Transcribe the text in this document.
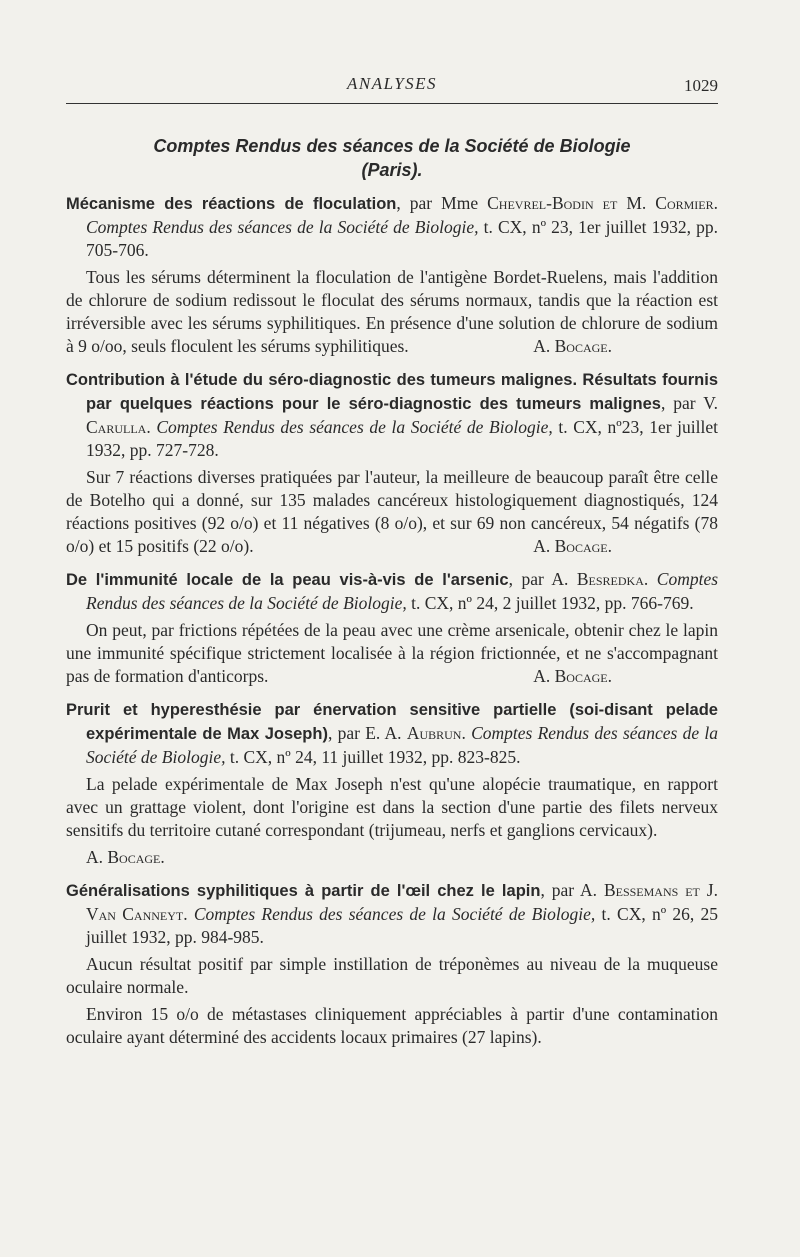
ANALYSES	1029
Comptes Rendus des séances de la Société de Biologie
(Paris).

Mécanisme des réactions de floculation, par Mme Chevrel-Bodin et M. Cormier. Comptes Rendus des séances de la Société de Biologie, t. CX, nº 23, 1er juillet 1932, pp. 705-706.

Tous les sérums déterminent la floculation de l'antigène Bordet-Ruelens, mais l'addition de chlorure de sodium redissout le floculat des sérums normaux, tandis que la réaction est irréversible avec les sérums syphilitiques. En présence d'une solution de chlorure de sodium à 9 o/oo, seuls floculent les sérums syphilitiques.	A. Bocage.

Contribution à l'étude du séro-diagnostic des tumeurs malignes. Résultats fournis par quelques réactions pour le séro-diagnostic des tumeurs malignes, par V. Carulla. Comptes Rendus des séances de la Société de Biologie, t. CX, nº23, 1er juillet 1932, pp. 727-728.

Sur 7 réactions diverses pratiquées par l'auteur, la meilleure de beaucoup paraît être celle de Botelho qui a donné, sur 135 malades cancéreux histologiquement diagnostiqués, 124 réactions positives (92 o/o) et 11 négatives (8 o/o), et sur 69 non cancéreux, 54 négatifs (78 o/o) et 15 positifs (22 o/o).	A. Bocage.

De l'immunité locale de la peau vis-à-vis de l'arsenic, par A. Besredka. Comptes Rendus des séances de la Société de Biologie, t. CX, nº 24, 2 juillet 1932, pp. 766-769.

On peut, par frictions répétées de la peau avec une crème arsenicale, obtenir chez le lapin une immunité spécifique strictement localisée à la région frictionnée, et ne s'accompagnant pas de formation d'anticorps.	A. Bocage.

Prurit et hyperesthésie par énervation sensitive partielle (soi-disant pelade expérimentale de Max Joseph), par E. A. Aubrun. Comptes Rendus des séances de la Société de Biologie, t. CX, nº 24, 11 juillet 1932, pp. 823-825.

La pelade expérimentale de Max Joseph n'est qu'une alopécie traumatique, en rapport avec un grattage violent, dont l'origine est dans la section d'une partie des filets nerveux sensitifs du territoire cutané correspondant (trijumeau, nerfs et ganglions cervicaux).

A. Bocage.

Généralisations syphilitiques à partir de l'œil chez le lapin, par A. Bessemans et J. Van Canneyt. Comptes Rendus des séances de la Société de Biologie, t. CX, nº 26, 25 juillet 1932, pp. 984-985.

Aucun résultat positif par simple instillation de tréponèmes au niveau de la muqueuse oculaire normale.

Environ 15 o/o de métastases cliniquement appréciables à partir d'une contamination oculaire ayant déterminé des accidents locaux primaires (27 lapins).
